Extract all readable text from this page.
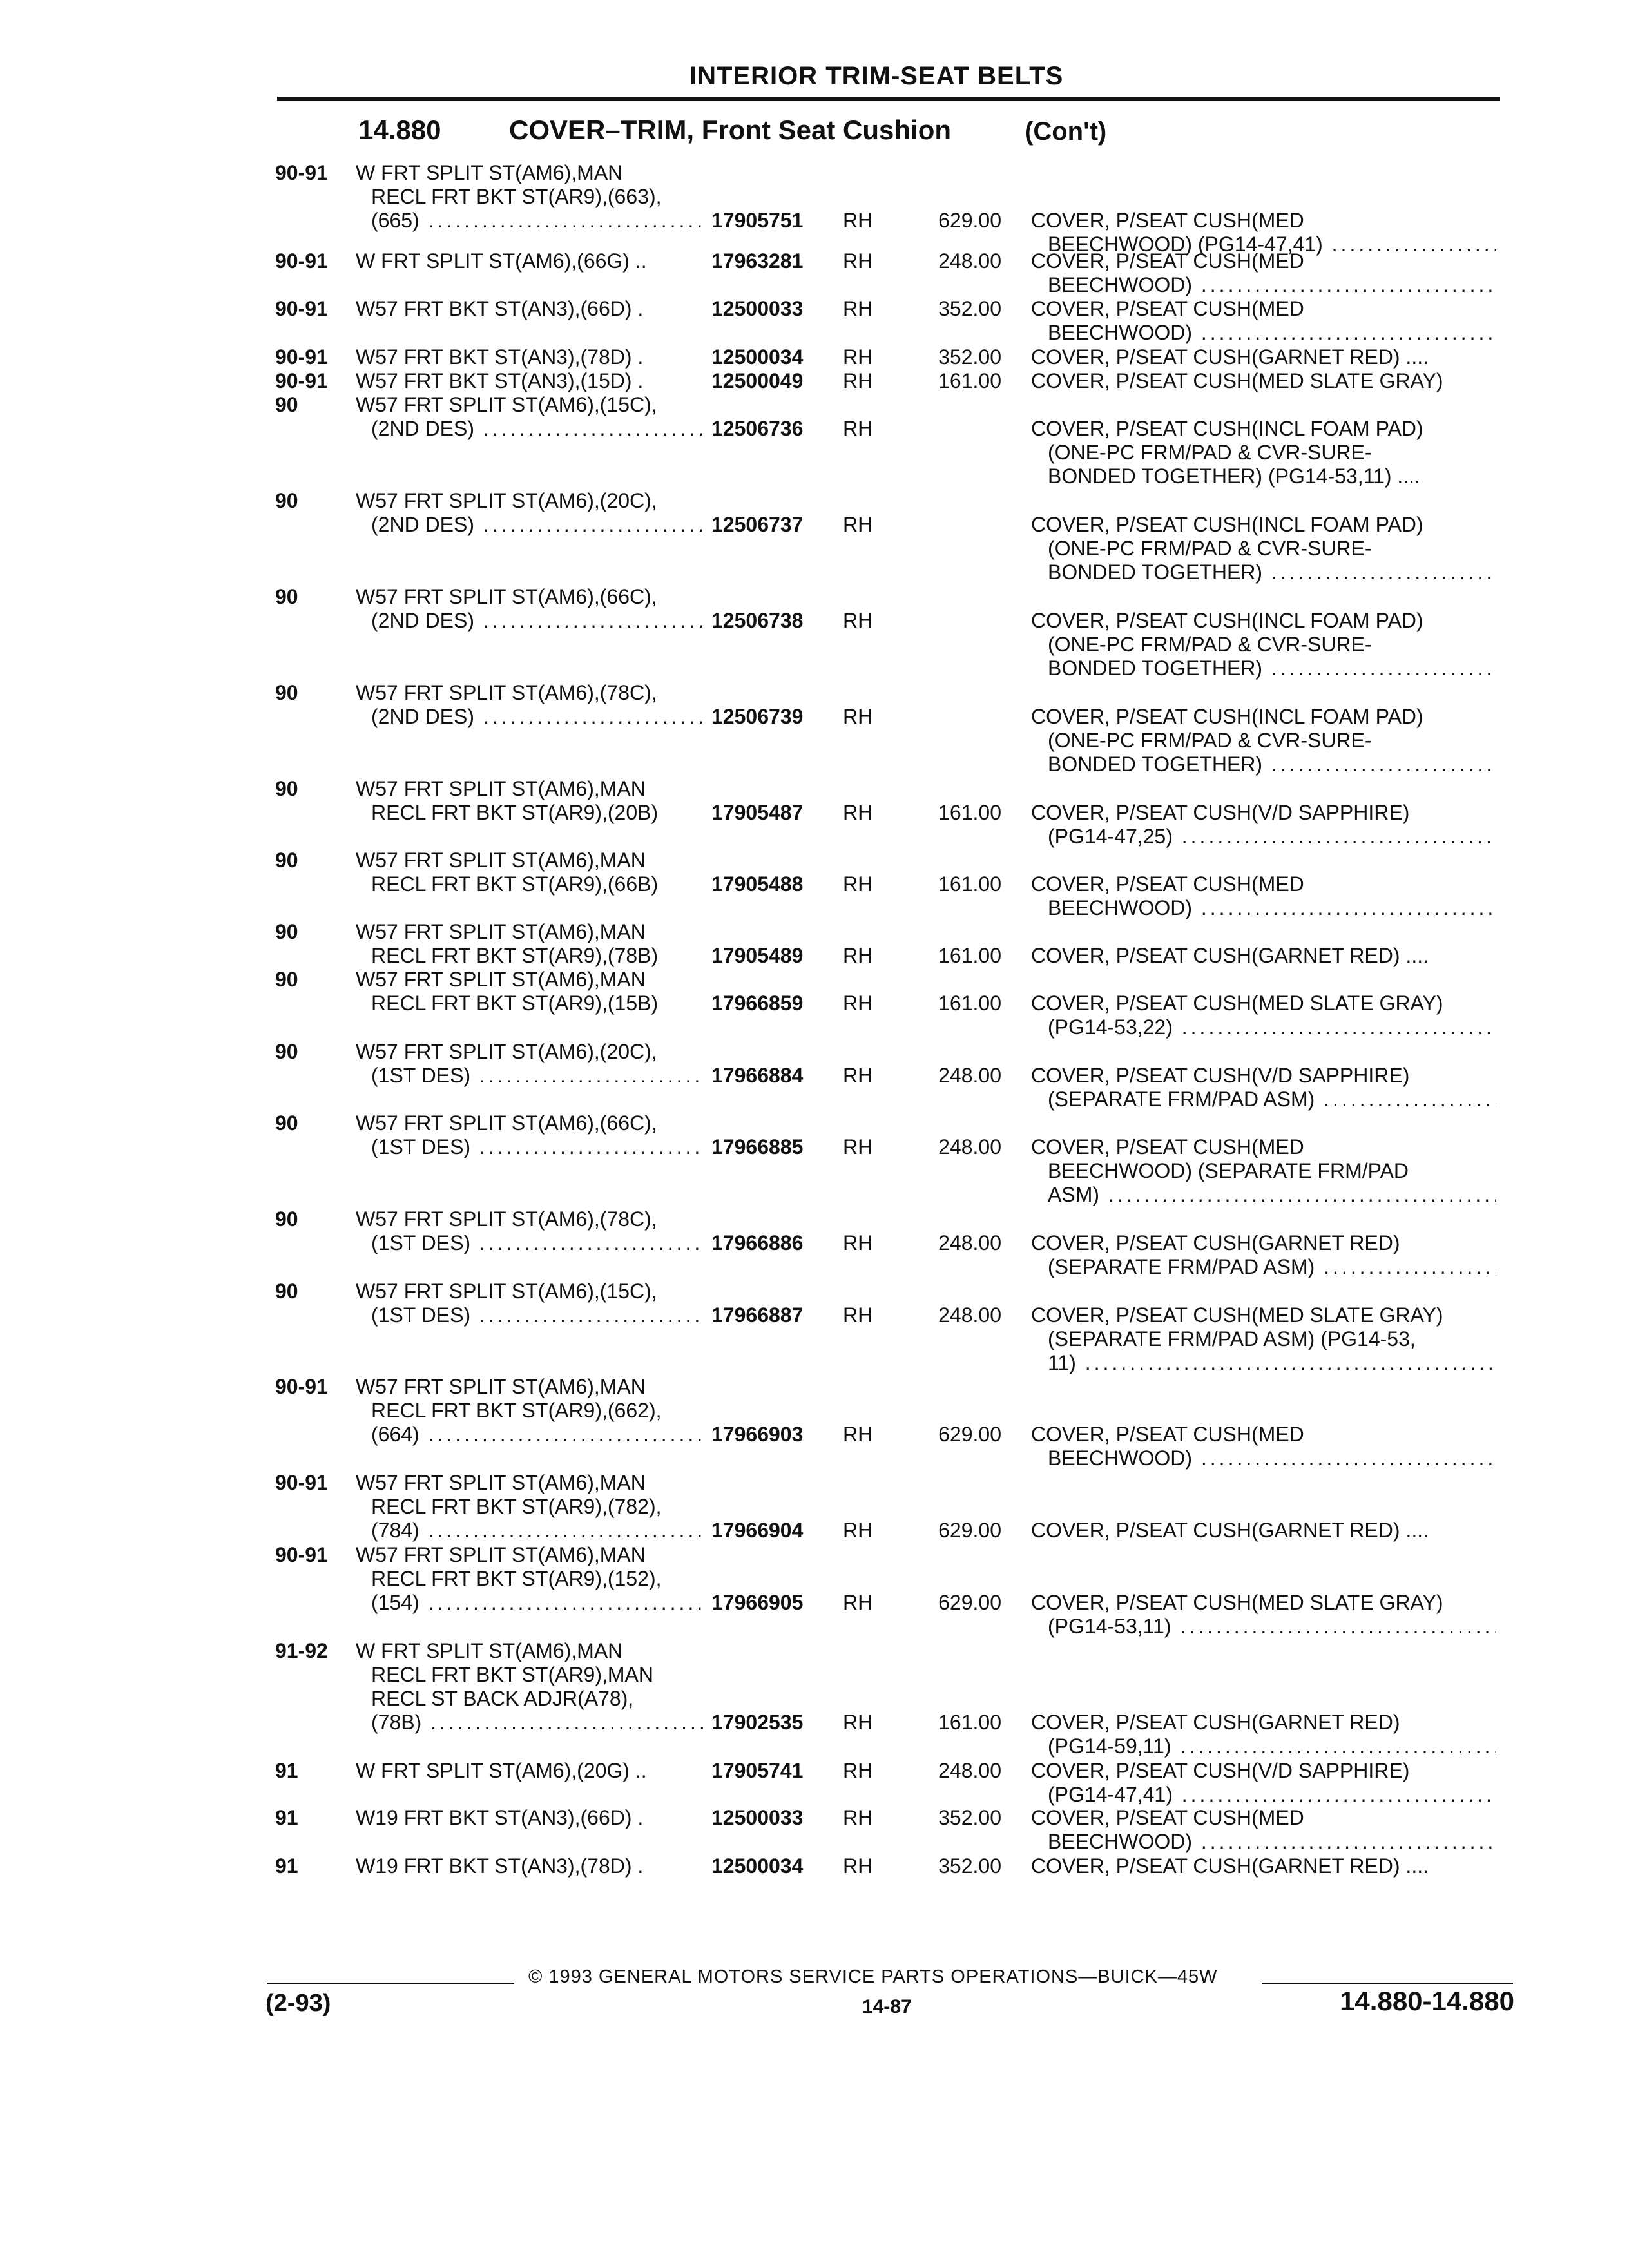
INTERIOR TRIM-SEAT BELTS
14.880	COVER–TRIM, Front Seat Cushion	(Con't)
90-91 W FRT SPLIT ST(AM6),MAN
RECL FRT BKT ST(AR9),(663),
(665) .....	17905751 RH	629.00 COVER, P/SEAT CUSH(MED
BEECHWOOD) (PG14-47,41) .....
90-91 W FRT SPLIT ST(AM6),(66G) ..	17963281 RH	248.00 COVER, P/SEAT CUSH(MED
BEECHWOOD) .....
90-91 W57 FRT BKT ST(AN3),(66D) .	12500033 RH	352.00 COVER, P/SEAT CUSH(MED
BEECHWOOD) .....
90-91 W57 FRT BKT ST(AN3),(78D) .	12500034 RH	352.00 COVER, P/SEAT CUSH(GARNET RED) ....
90-91 W57 FRT BKT ST(AN3),(15D) .	12500049 RH	161.00 COVER, P/SEAT CUSH(MED SLATE GRAY)
90	W57 FRT SPLIT ST(AM6),(15C),
(2ND DES) .....	12506736 RH	COVER, P/SEAT CUSH(INCL FOAM PAD)
(ONE-PC FRM/PAD & CVR-SURE-
BONDED TOGETHER) (PG14-53,11) ....
90	W57 FRT SPLIT ST(AM6),(20C),
(2ND DES) .....	12506737 RH	COVER, P/SEAT CUSH(INCL FOAM PAD)
(ONE-PC FRM/PAD & CVR-SURE-
BONDED TOGETHER) .....
90	W57 FRT SPLIT ST(AM6),(66C),
(2ND DES) .....	12506738 RH	COVER, P/SEAT CUSH(INCL FOAM PAD)
(ONE-PC FRM/PAD & CVR-SURE-
BONDED TOGETHER) .....
90	W57 FRT SPLIT ST(AM6),(78C),
(2ND DES) .....	12506739 RH	COVER, P/SEAT CUSH(INCL FOAM PAD)
(ONE-PC FRM/PAD & CVR-SURE-
BONDED TOGETHER) .....
90	W57 FRT SPLIT ST(AM6),MAN
RECL FRT BKT ST(AR9),(20B)	17905487 RH	161.00 COVER, P/SEAT CUSH(V/D SAPPHIRE)
(PG14-47,25) .....
90	W57 FRT SPLIT ST(AM6),MAN
RECL FRT BKT ST(AR9),(66B)	17905488 RH	161.00 COVER, P/SEAT CUSH(MED
BEECHWOOD) .....
90	W57 FRT SPLIT ST(AM6),MAN
RECL FRT BKT ST(AR9),(78B)	17905489 RH	161.00 COVER, P/SEAT CUSH(GARNET RED) ....
90	W57 FRT SPLIT ST(AM6),MAN
RECL FRT BKT ST(AR9),(15B)	17966859 RH	161.00 COVER, P/SEAT CUSH(MED SLATE GRAY)
(PG14-53,22) .....
90	W57 FRT SPLIT ST(AM6),(20C),
(1ST DES) .....	17966884 RH	248.00 COVER, P/SEAT CUSH(V/D SAPPHIRE)
(SEPARATE FRM/PAD ASM) .....
90	W57 FRT SPLIT ST(AM6),(66C),
(1ST DES) .....	17966885 RH	248.00 COVER, P/SEAT CUSH(MED
BEECHWOOD) (SEPARATE FRM/PAD
ASM) .....
90	W57 FRT SPLIT ST(AM6),(78C),
(1ST DES) .....	17966886 RH	248.00 COVER, P/SEAT CUSH(GARNET RED)
(SEPARATE FRM/PAD ASM) .....
90	W57 FRT SPLIT ST(AM6),(15C),
(1ST DES) .....	17966887 RH	248.00 COVER, P/SEAT CUSH(MED SLATE GRAY)
(SEPARATE FRM/PAD ASM) (PG14-53,
11) .....
90-91 W57 FRT SPLIT ST(AM6),MAN
RECL FRT BKT ST(AR9),(662),
(664) .....	17966903 RH	629.00 COVER, P/SEAT CUSH(MED
BEECHWOOD) .....
90-91 W57 FRT SPLIT ST(AM6),MAN
RECL FRT BKT ST(AR9),(782),
(784) .....	17966904 RH	629.00 COVER, P/SEAT CUSH(GARNET RED) ....
90-91 W57 FRT SPLIT ST(AM6),MAN
RECL FRT BKT ST(AR9),(152),
(154) .....	17966905 RH	629.00 COVER, P/SEAT CUSH(MED SLATE GRAY)
(PG14-53,11) .....
91-92 W FRT SPLIT ST(AM6),MAN
RECL FRT BKT ST(AR9),MAN
RECL ST BACK ADJR(A78),
(78B) .....	17902535 RH	161.00 COVER, P/SEAT CUSH(GARNET RED)
(PG14-59,11) .....
91	W FRT SPLIT ST(AM6),(20G) ..	17905741 RH	248.00 COVER, P/SEAT CUSH(V/D SAPPHIRE)
(PG14-47,41) .....
91	W19 FRT BKT ST(AN3),(66D) .	12500033 RH	352.00 COVER, P/SEAT CUSH(MED
BEECHWOOD) .....
91	W19 FRT BKT ST(AN3),(78D) .	12500034 RH	352.00 COVER, P/SEAT CUSH(GARNET RED) ....
© 1993 GENERAL MOTORS SERVICE PARTS OPERATIONS—BUICK—45W
(2-93)	14-87	14.880-14.880
